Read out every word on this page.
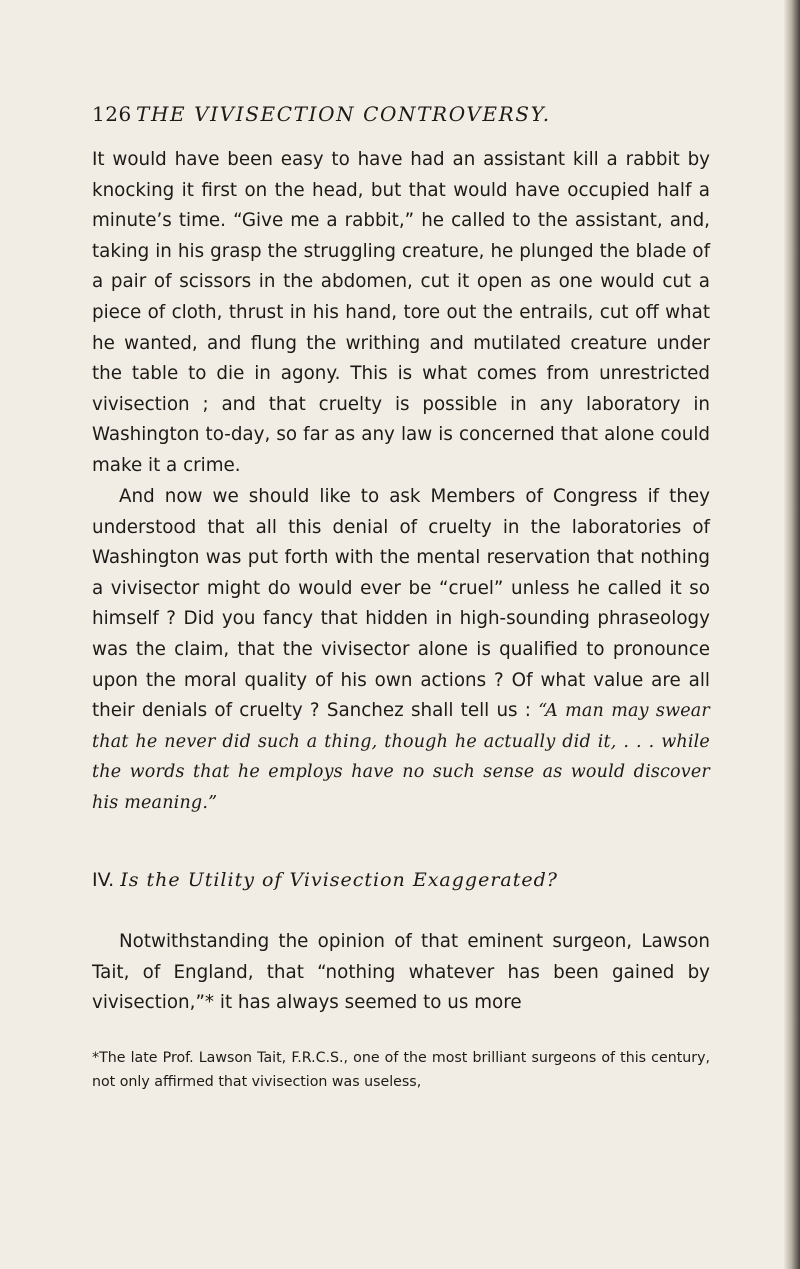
126 THE VIVISECTION CONTROVERSY.

It would have been easy to have had an assistant kill a rabbit by knocking it first on the head, but that would have occupied half a minute’s time. “Give me a rabbit,” he called to the assistant, and, taking in his grasp the struggling creature, he plunged the blade of a pair of scissors in the abdomen, cut it open as one would cut a piece of cloth, thrust in his hand, tore out the entrails, cut off what he wanted, and flung the writhing and mutilated creature under the table to die in agony. This is what comes from unrestricted vivisection ; and that cruelty is possible in any laboratory in Washington to-day, so far as any law is concerned that alone could make it a crime.

And now we should like to ask Members of Congress if they understood that all this denial of cruelty in the laboratories of Washington was put forth with the mental reservation that nothing a vivisector might do would ever be “cruel” unless he called it so himself ? Did you fancy that hidden in high-sounding phraseology was the claim, that the vivisector alone is qualified to pronounce upon the moral quality of his own actions ? Of what value are all their denials of cruelty ? Sanchez shall tell us : “A man may swear that he never did such a thing, though he actually did it, . . . while the words that he employs have no such sense as would discover his meaning.”

IV. Is the Utility of Vivisection Exaggerated?

Notwithstanding the opinion of that eminent surgeon, Lawson Tait, of England, that “nothing whatever has been gained by vivisection,”* it has always seemed to us more

*The late Prof. Lawson Tait, F.R.C.S., one of the most brilliant surgeons of this century, not only affirmed that vivisection was useless,
